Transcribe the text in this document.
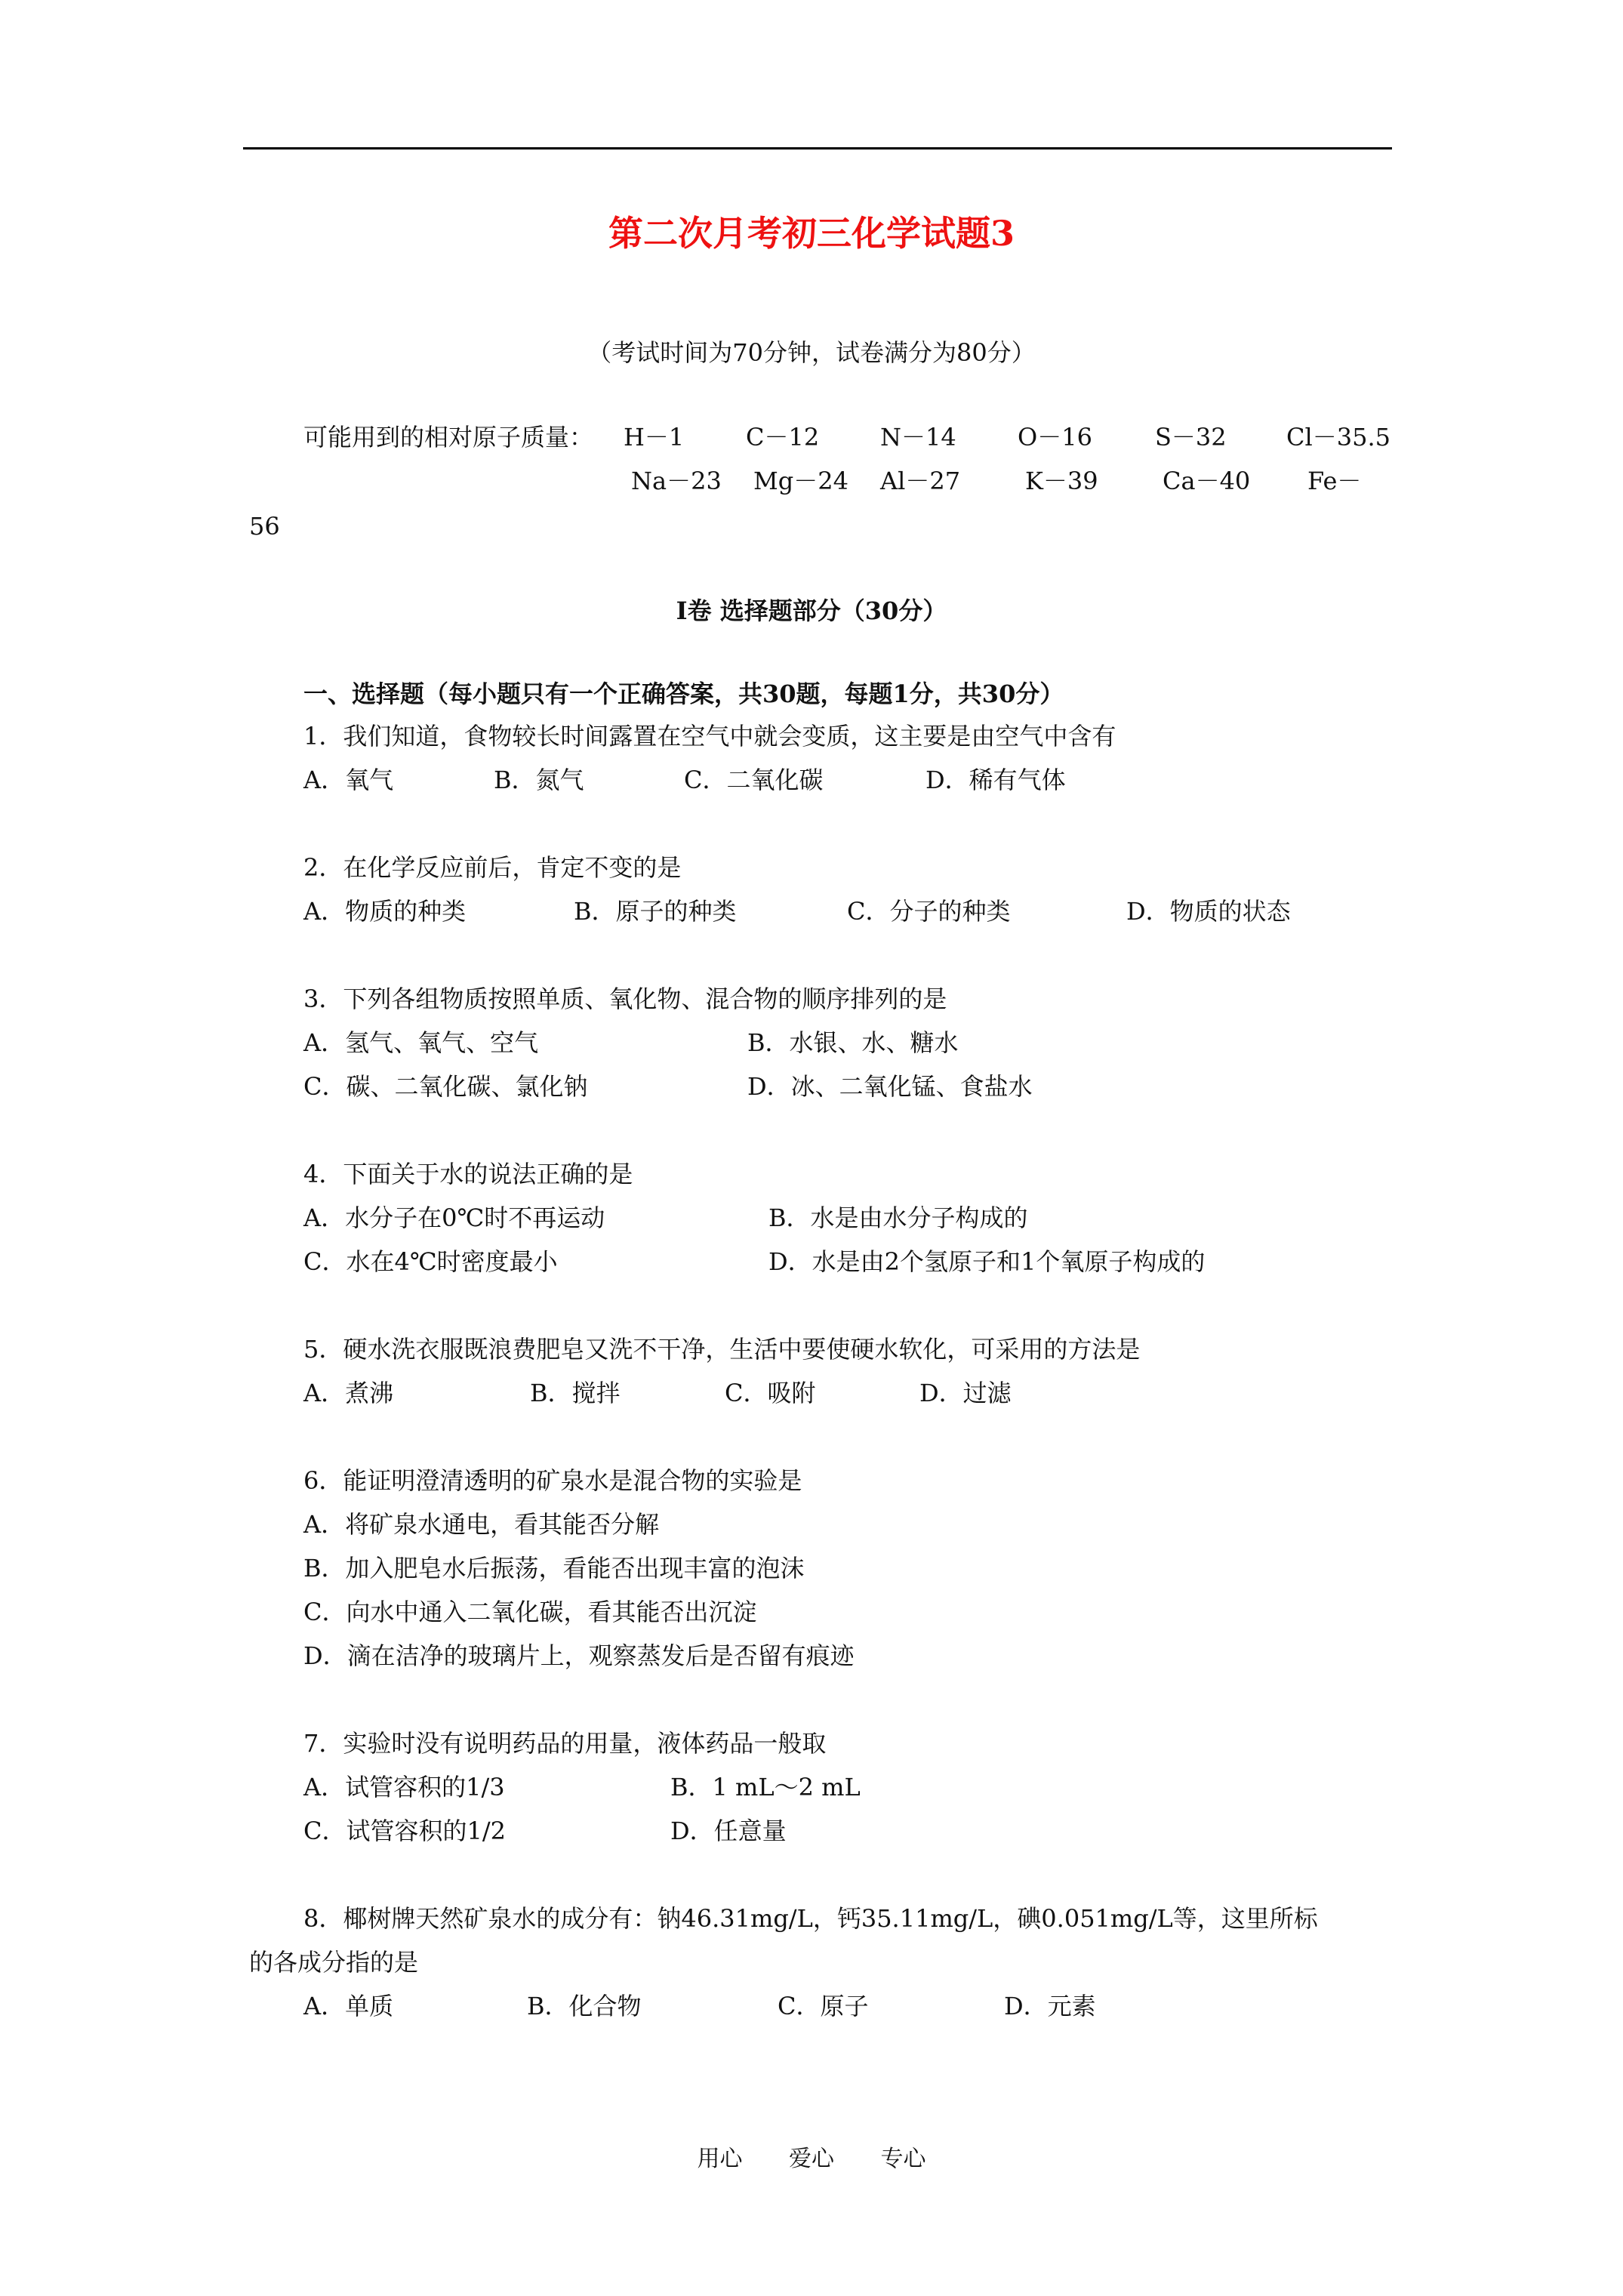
第二次月考初三化学试题3
（考试时间为70分钟，试卷满分为80分）
可能用到的相对原子质量： H－1	C－12	N－14	O－16	S－32 Cl－35.5
Na－23 Mg－24 Al－27	K－39	Ca－40 Fe－
56
I卷 选择题部分（30分）
一、选择题（每小题只有一个正确答案，共30题，每题1分，共30分）
1．我们知道，食物较长时间露置在空气中就会变质，这主要是由空气中含有
A．氧气	B．氮气	C．二氧化碳	D．稀有气体
2．在化学反应前后，肯定不变的是
A．物质的种类	B．原子的种类	C．分子的种类	D．物质的状态
3．下列各组物质按照单质、氧化物、混合物的顺序排列的是
A．氢气、氧气、空气	B．水银、水、糖水
C．碳、二氧化碳、氯化钠	D．冰、二氧化锰、食盐水
4．下面关于水的说法正确的是
A．水分子在0℃时不再运动	B．水是由水分子构成的
C．水在4℃时密度最小	D．水是由2个氢原子和1个氧原子构成的
5．硬水洗衣服既浪费肥皂又洗不干净，生活中要使硬水软化，可采用的方法是
A．煮沸	B．搅拌	C．吸附	D．过滤
6．能证明澄清透明的矿泉水是混合物的实验是
A．将矿泉水通电，看其能否分解
B．加入肥皂水后振荡，看能否出现丰富的泡沫
C．向水中通入二氧化碳，看其能否出沉淀
D．滴在洁净的玻璃片上，观察蒸发后是否留有痕迹
7．实验时没有说明药品的用量，液体药品一般取
A．试管容积的1/3	B．1 mL～2 mL
C．试管容积的1/2	D．任意量
8．椰树牌天然矿泉水的成分有：钠46.31mg/L，钙35.11mg/L，碘0.051mg/L等，这里所标
的各成分指的是
A．单质	B．化合物	C．原子	D．元素
用心 爱心 专心
